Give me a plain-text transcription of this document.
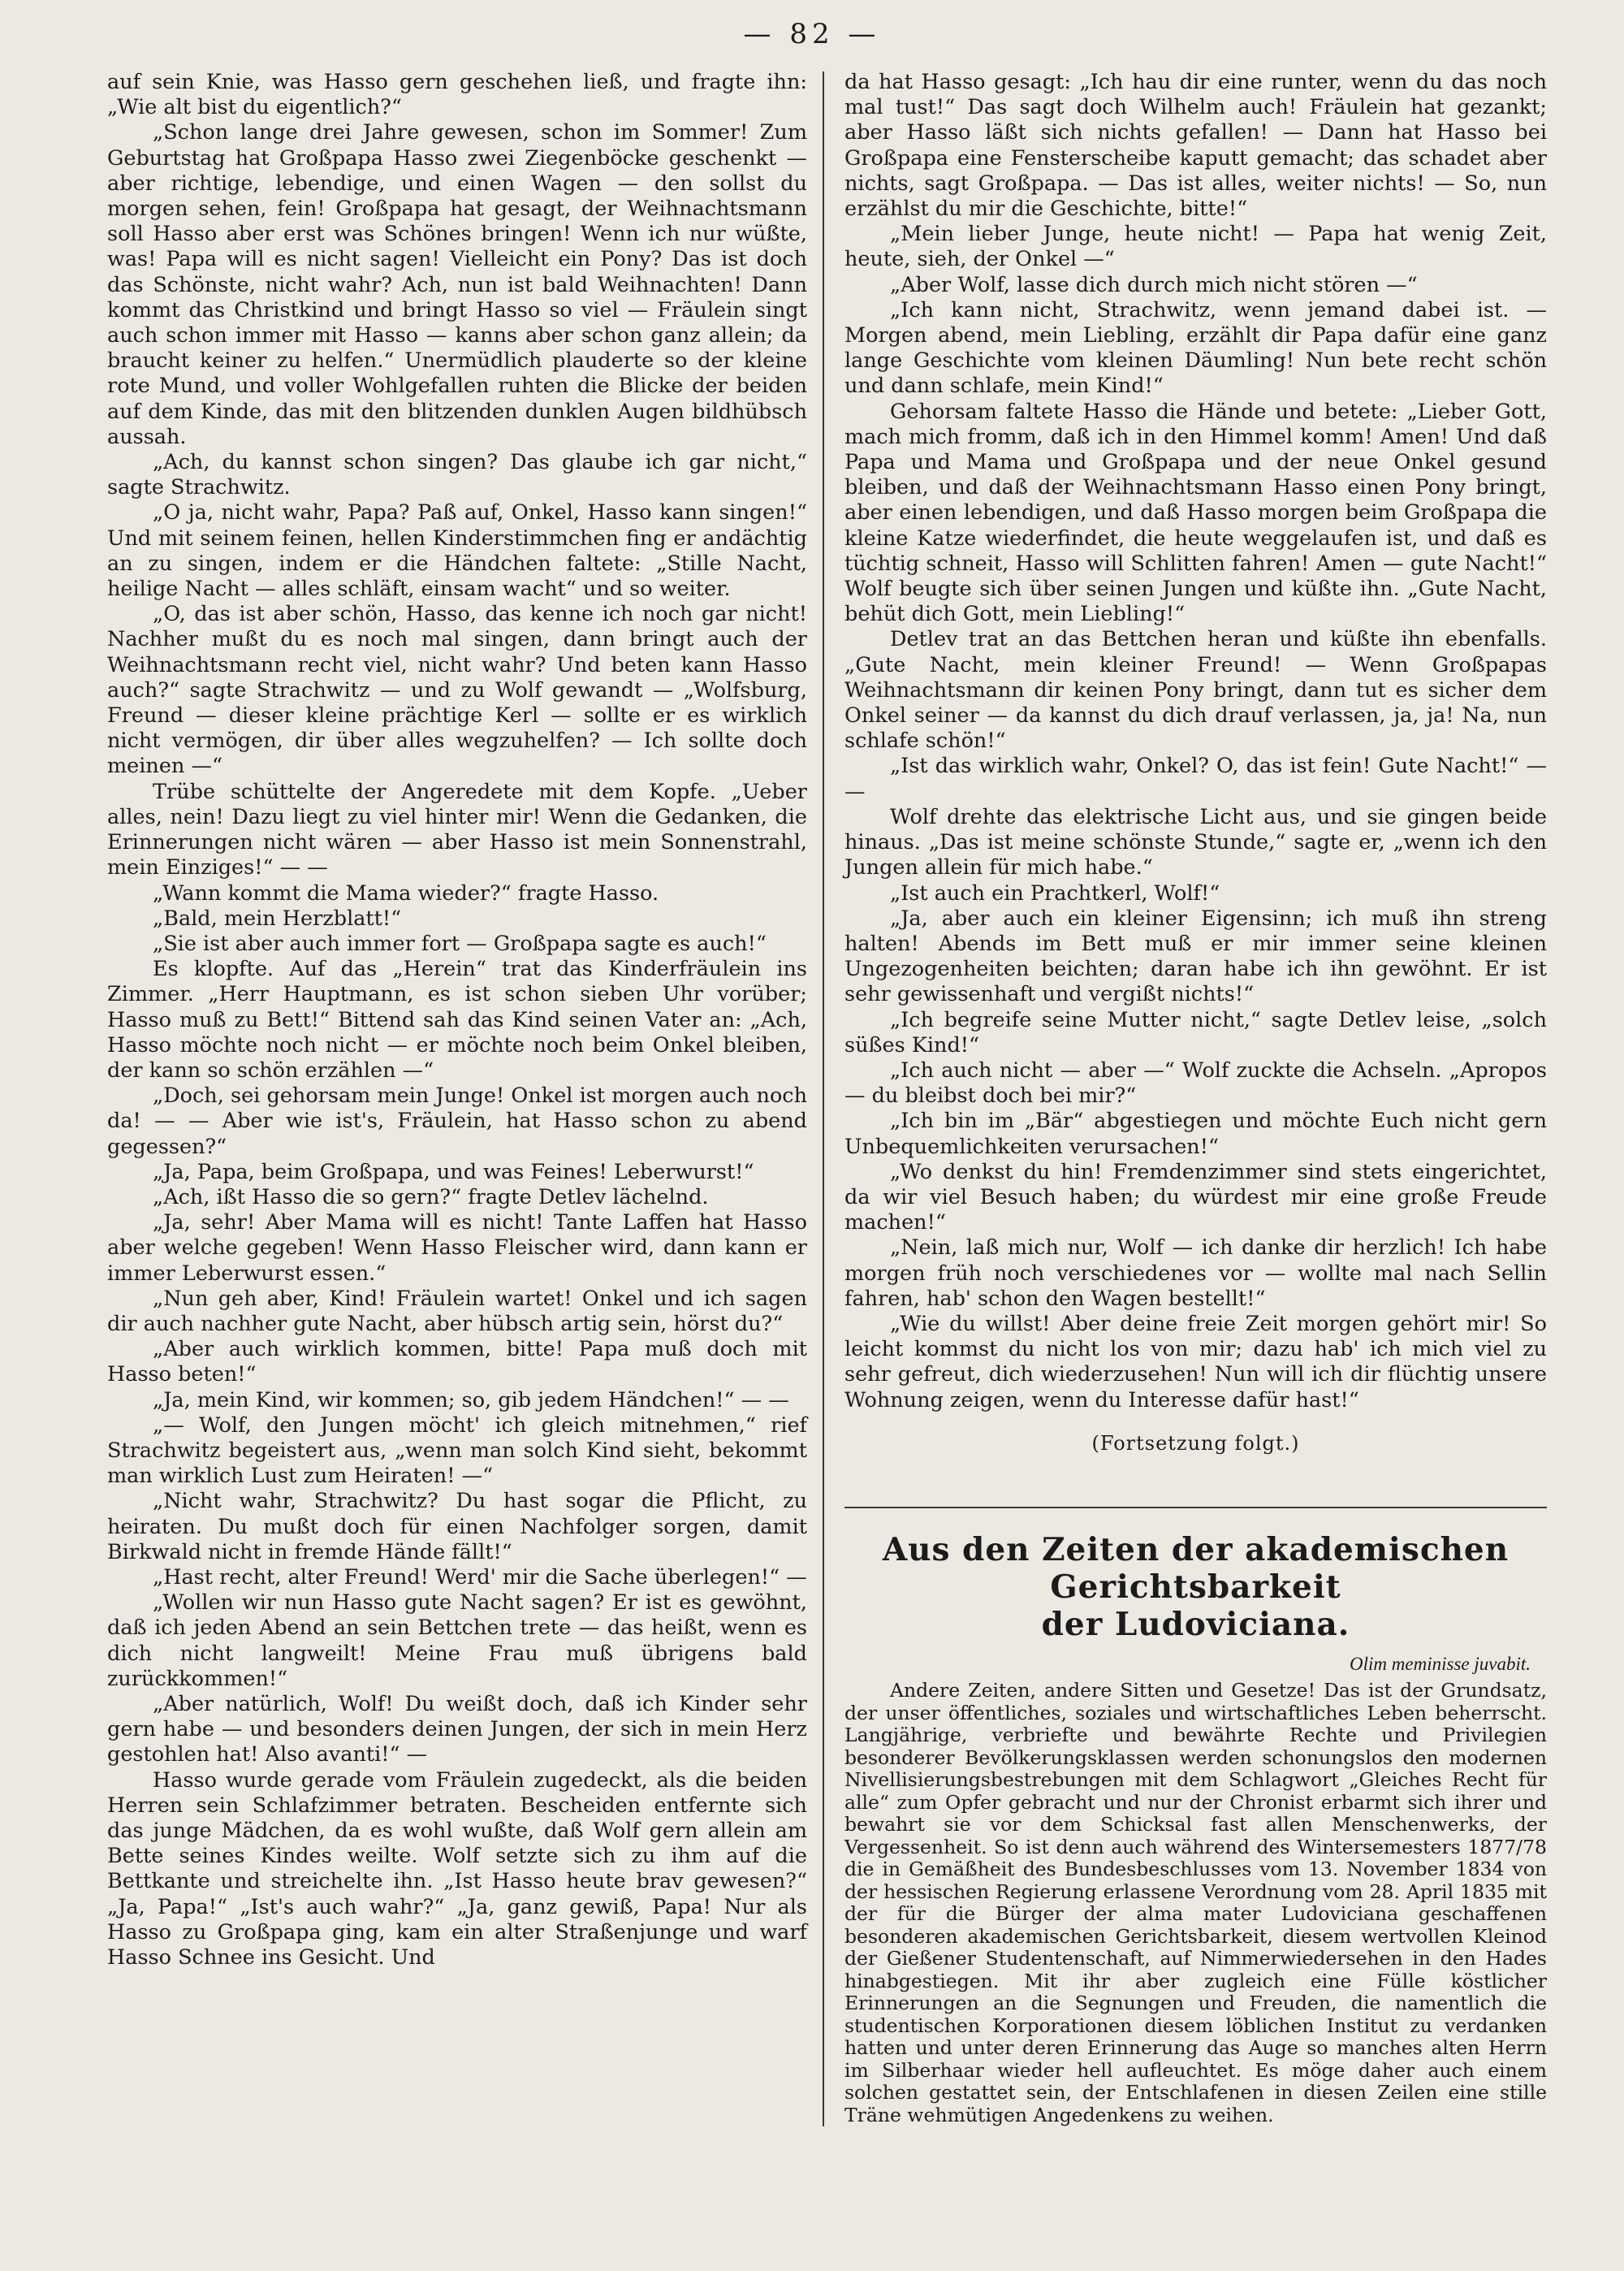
— 82 —

auf sein Knie, was Hasso gern geschehen ließ, und fragte ihn: „Wie alt bist du eigentlich?“

„Schon lange drei Jahre gewesen, schon im Sommer! Zum Geburtstag hat Großpapa Hasso zwei Ziegenböcke geschenkt — aber richtige, lebendige, und einen Wagen — den sollst du morgen sehen, fein! Großpapa hat gesagt, der Weihnachtsmann soll Hasso aber erst was Schönes bringen! Wenn ich nur wüßte, was! Papa will es nicht sagen! Vielleicht ein Pony? Das ist doch das Schönste, nicht wahr? Ach, nun ist bald Weihnachten! Dann kommt das Christkind und bringt Hasso so viel — Fräulein singt auch schon immer mit Hasso — kanns aber schon ganz allein; da braucht keiner zu helfen.“ Unermüdlich plauderte so der kleine rote Mund, und voller Wohlgefallen ruhten die Blicke der beiden auf dem Kinde, das mit den blitzenden dunklen Augen bildhübsch aussah.

„Ach, du kannst schon singen? Das glaube ich gar nicht,“ sagte Strachwitz.

„O ja, nicht wahr, Papa? Paß auf, Onkel, Hasso kann singen!“ Und mit seinem feinen, hellen Kinderstimmchen fing er andächtig an zu singen, indem er die Händchen faltete: „Stille Nacht, heilige Nacht — alles schläft, einsam wacht“ und so weiter.

„O, das ist aber schön, Hasso, das kenne ich noch gar nicht! Nachher mußt du es noch mal singen, dann bringt auch der Weihnachtsmann recht viel, nicht wahr? Und beten kann Hasso auch?“ sagte Strachwitz — und zu Wolf gewandt — „Wolfsburg, Freund — dieser kleine prächtige Kerl — sollte er es wirklich nicht vermögen, dir über alles wegzuhelfen? — Ich sollte doch meinen —“

Trübe schüttelte der Angeredete mit dem Kopfe. „Ueber alles, nein! Dazu liegt zu viel hinter mir! Wenn die Gedanken, die Erinnerungen nicht wären — aber Hasso ist mein Sonnenstrahl, mein Einziges!“ — —

„Wann kommt die Mama wieder?“ fragte Hasso.

„Bald, mein Herzblatt!“

„Sie ist aber auch immer fort — Großpapa sagte es auch!“

Es klopfte. Auf das „Herein“ trat das Kinderfräulein ins Zimmer. „Herr Hauptmann, es ist schon sieben Uhr vorüber; Hasso muß zu Bett!“ Bittend sah das Kind seinen Vater an: „Ach, Hasso möchte noch nicht — er möchte noch beim Onkel bleiben, der kann so schön erzählen —“

„Doch, sei gehorsam mein Junge! Onkel ist morgen auch noch da! — — Aber wie ist's, Fräulein, hat Hasso schon zu abend gegessen?“

„Ja, Papa, beim Großpapa, und was Feines! Leberwurst!“

„Ach, ißt Hasso die so gern?“ fragte Detlev lächelnd.

„Ja, sehr! Aber Mama will es nicht! Tante Laffen hat Hasso aber welche gegeben! Wenn Hasso Fleischer wird, dann kann er immer Leberwurst essen.“

„Nun geh aber, Kind! Fräulein wartet! Onkel und ich sagen dir auch nachher gute Nacht, aber hübsch artig sein, hörst du?“

„Aber auch wirklich kommen, bitte! Papa muß doch mit Hasso beten!“

„Ja, mein Kind, wir kommen; so, gib jedem Händchen!“ — —

„— Wolf, den Jungen möcht' ich gleich mitnehmen,“ rief Strachwitz begeistert aus, „wenn man solch Kind sieht, bekommt man wirklich Lust zum Heiraten! —“

„Nicht wahr, Strachwitz? Du hast sogar die Pflicht, zu heiraten. Du mußt doch für einen Nachfolger sorgen, damit Birkwald nicht in fremde Hände fällt!“

„Hast recht, alter Freund! Werd' mir die Sache überlegen!“ —

„Wollen wir nun Hasso gute Nacht sagen? Er ist es gewöhnt, daß ich jeden Abend an sein Bettchen trete — das heißt, wenn es dich nicht langweilt! Meine Frau muß übrigens bald zurückkommen!“

„Aber natürlich, Wolf! Du weißt doch, daß ich Kinder sehr gern habe — und besonders deinen Jungen, der sich in mein Herz gestohlen hat! Also avanti!“ —

Hasso wurde gerade vom Fräulein zugedeckt, als die beiden Herren sein Schlafzimmer betraten. Bescheiden entfernte sich das junge Mädchen, da es wohl wußte, daß Wolf gern allein am Bette seines Kindes weilte. Wolf setzte sich zu ihm auf die Bettkante und streichelte ihn. „Ist Hasso heute brav gewesen?“ „Ja, Papa!“ „Ist's auch wahr?“ „Ja, ganz gewiß, Papa! Nur als Hasso zu Großpapa ging, kam ein alter Straßenjunge und warf Hasso Schnee ins Gesicht. Und

da hat Hasso gesagt: „Ich hau dir eine runter, wenn du das noch mal tust!“ Das sagt doch Wilhelm auch! Fräulein hat gezankt; aber Hasso läßt sich nichts gefallen! — Dann hat Hasso bei Großpapa eine Fensterscheibe kaputt gemacht; das schadet aber nichts, sagt Großpapa. — Das ist alles, weiter nichts! — So, nun erzählst du mir die Geschichte, bitte!“

„Mein lieber Junge, heute nicht! — Papa hat wenig Zeit, heute, sieh, der Onkel —“

„Aber Wolf, lasse dich durch mich nicht stören —“

„Ich kann nicht, Strachwitz, wenn jemand dabei ist. — Morgen abend, mein Liebling, erzählt dir Papa dafür eine ganz lange Geschichte vom kleinen Däumling! Nun bete recht schön und dann schlafe, mein Kind!“

Gehorsam faltete Hasso die Hände und betete: „Lieber Gott, mach mich fromm, daß ich in den Himmel komm! Amen! Und daß Papa und Mama und Großpapa und der neue Onkel gesund bleiben, und daß der Weihnachtsmann Hasso einen Pony bringt, aber einen lebendigen, und daß Hasso morgen beim Großpapa die kleine Katze wiederfindet, die heute weggelaufen ist, und daß es tüchtig schneit, Hasso will Schlitten fahren! Amen — gute Nacht!“ Wolf beugte sich über seinen Jungen und küßte ihn. „Gute Nacht, behüt dich Gott, mein Liebling!“

Detlev trat an das Bettchen heran und küßte ihn ebenfalls. „Gute Nacht, mein kleiner Freund! — Wenn Großpapas Weihnachtsmann dir keinen Pony bringt, dann tut es sicher dem Onkel seiner — da kannst du dich drauf verlassen, ja, ja! Na, nun schlafe schön!“

„Ist das wirklich wahr, Onkel? O, das ist fein! Gute Nacht!“ — —

Wolf drehte das elektrische Licht aus, und sie gingen beide hinaus. „Das ist meine schönste Stunde,“ sagte er, „wenn ich den Jungen allein für mich habe.“

„Ist auch ein Prachtkerl, Wolf!“

„Ja, aber auch ein kleiner Eigensinn; ich muß ihn streng halten! Abends im Bett muß er mir immer seine kleinen Ungezogenheiten beichten; daran habe ich ihn gewöhnt. Er ist sehr gewissenhaft und vergißt nichts!“

„Ich begreife seine Mutter nicht,“ sagte Detlev leise, „solch süßes Kind!“

„Ich auch nicht — aber —“ Wolf zuckte die Achseln. „Apropos — du bleibst doch bei mir?“

„Ich bin im „Bär“ abgestiegen und möchte Euch nicht gern Unbequemlichkeiten verursachen!“

„Wo denkst du hin! Fremdenzimmer sind stets eingerichtet, da wir viel Besuch haben; du würdest mir eine große Freude machen!“

„Nein, laß mich nur, Wolf — ich danke dir herzlich! Ich habe morgen früh noch verschiedenes vor — wollte mal nach Sellin fahren, hab' schon den Wagen bestellt!“

„Wie du willst! Aber deine freie Zeit morgen gehört mir! So leicht kommst du nicht los von mir; dazu hab' ich mich viel zu sehr gefreut, dich wiederzusehen! Nun will ich dir flüchtig unsere Wohnung zeigen, wenn du Interesse dafür hast!“

(Fortsetzung folgt.)
Aus den Zeiten der akademischen Gerichtsbarkeit
der Ludoviciana.
Olim meminisse juvabit.

Andere Zeiten, andere Sitten und Gesetze! Das ist der Grundsatz, der unser öffentliches, soziales und wirtschaftliches Leben beherrscht. Langjährige, verbriefte und bewährte Rechte und Privilegien besonderer Bevölkerungsklassen werden schonungslos den modernen Nivellisierungsbestrebungen mit dem Schlagwort „Gleiches Recht für alle“ zum Opfer gebracht und nur der Chronist erbarmt sich ihrer und bewahrt sie vor dem Schicksal fast allen Menschenwerks, der Vergessenheit. So ist denn auch während des Wintersemesters 1877/78 die in Gemäßheit des Bundesbeschlusses vom 13. November 1834 von der hessischen Regierung erlassene Verordnung vom 28. April 1835 mit der für die Bürger der alma mater Ludoviciana geschaffenen besonderen akademischen Gerichtsbarkeit, diesem wertvollen Kleinod der Gießener Studentenschaft, auf Nimmerwiedersehen in den Hades hinabgestiegen. Mit ihr aber zugleich eine Fülle köstlicher Erinnerungen an die Segnungen und Freuden, die namentlich die studentischen Korporationen diesem löblichen Institut zu verdanken hatten und unter deren Erinnerung das Auge so manches alten Herrn im Silberhaar wieder hell aufleuchtet. Es möge daher auch einem solchen gestattet sein, der Entschlafenen in diesen Zeilen eine stille Träne wehmütigen Angedenkens zu weihen.
